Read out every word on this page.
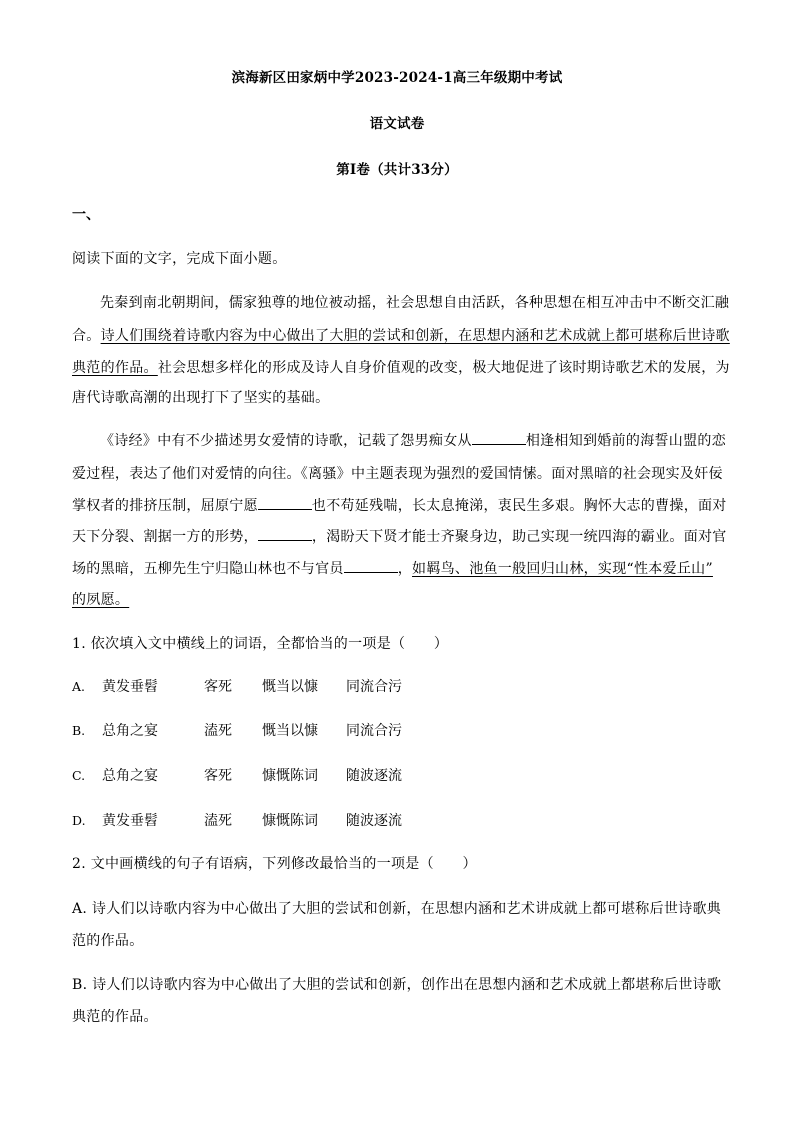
滨海新区田家炳中学2023-2024-1高三年级期中考试
语文试卷
第Ⅰ卷（共计33分）
一、
阅读下面的文字，完成下面小题。
先秦到南北朝期间，儒家独尊的地位被动摇，社会思想自由活跃，各种思想在相互冲击中不断交汇融
合。诗人们围绕着诗歌内容为中心做出了大胆的尝试和创新，在思想内涵和艺术成就上都可堪称后世诗歌
典范的作品。社会思想多样化的形成及诗人自身价值观的改变，极大地促进了该时期诗歌艺术的发展，为
唐代诗歌高潮的出现打下了坚实的基础。
《诗经》中有不少描述男女爱情的诗歌，记载了怨男痴女从	相逢相知到婚前的海誓山盟的恋
爱过程，表达了他们对爱情的向往。《离骚》中主题表现为强烈的爱国情愫。面对黑暗的社会现实及奸佞
掌权者的排挤压制，屈原宁愿	也不苟延残喘，长太息掩涕，衷民生多艰。胸怀大志的曹操，面对
天下分裂、割据一方的形势，	，渴盼天下贤才能士齐聚身边，助己实现一统四海的霸业。面对官
场的黑暗，五柳先生宁归隐山林也不与官员	，如羁鸟、池鱼一般回归山林，实现“性本爱丘山”
的夙愿。
1. 依次填入文中横线上的词语，全都恰当的一项是（　　）
A. 黄发垂髫	客死 慨当以慷 同流合污
B. 总角之宴	溘死 慨当以慷 同流合污
C. 总角之宴	客死 慷慨陈词 随波逐流
D. 黄发垂髫	溘死 慷慨陈词 随波逐流
2. 文中画横线的句子有语病，下列修改最恰当的一项是（　　）
A. 诗人们以诗歌内容为中心做出了大胆的尝试和创新，在思想内涵和艺术讲成就上都可堪称后世诗歌典
范的作品。
B. 诗人们以诗歌内容为中心做出了大胆的尝试和创新，创作出在思想内涵和艺术成就上都堪称后世诗歌
典范的作品。
